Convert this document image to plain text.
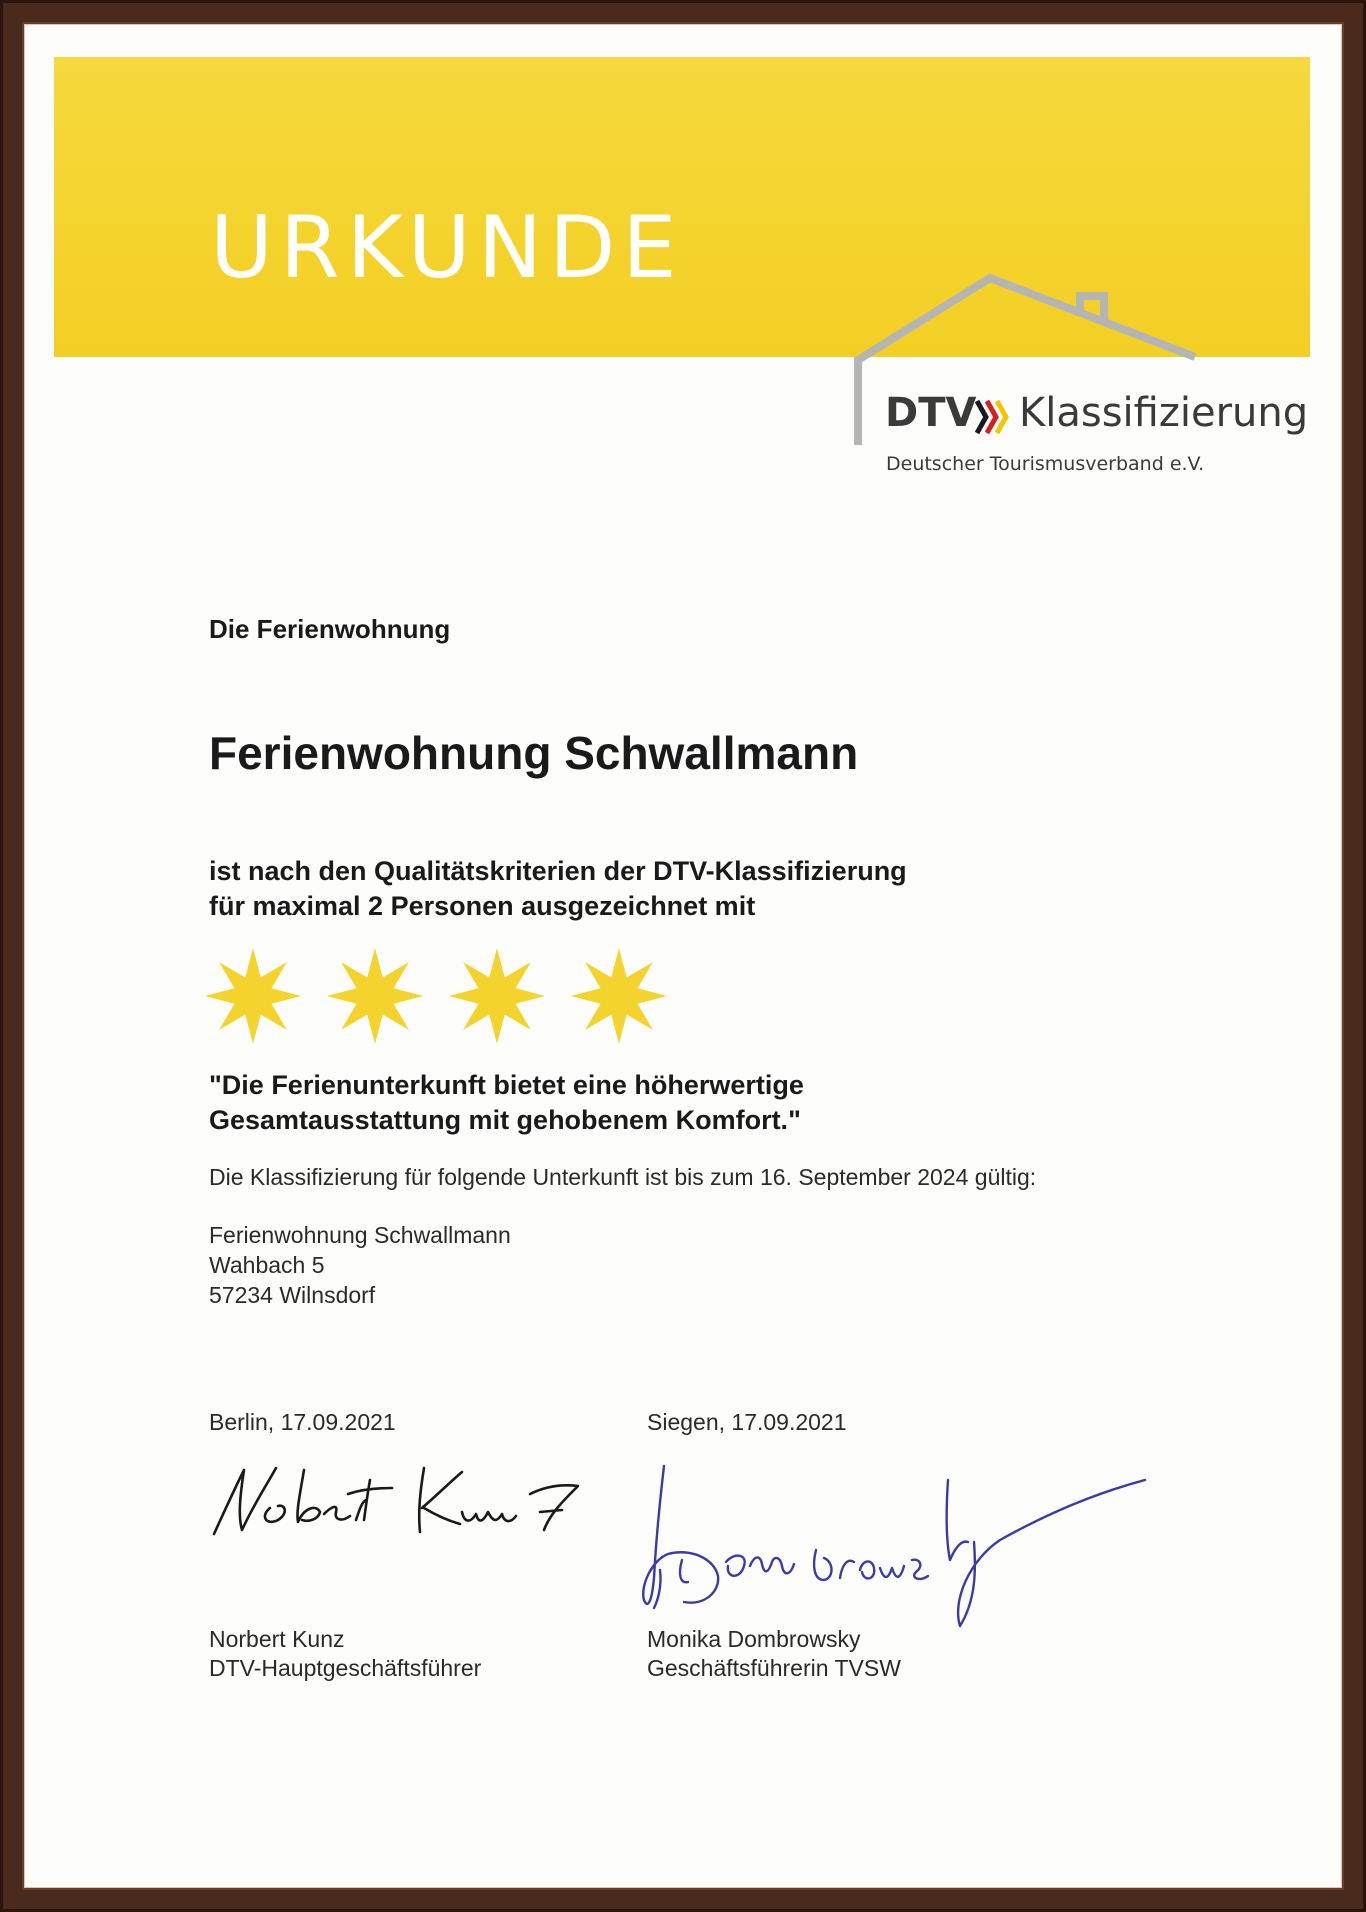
URKUNDE
DTV Klassifizierung
Deutscher Tourismusverband e.V.
Die Ferienwohnung
Ferienwohnung Schwallmann
ist nach den Qualitätskriterien der DTV-Klassifizierung
für maximal 2 Personen ausgezeichnet mit
"Die Ferienunterkunft bietet eine höherwertige
Gesamtausstattung mit gehobenem Komfort."
Die Klassifizierung für folgende Unterkunft ist bis zum 16. September 2024 gültig:
Ferienwohnung Schwallmann
Wahbach 5
57234 Wilnsdorf
Berlin, 17.09.2021	Siegen, 17.09.2021
Norbert Kunz
DTV-Hauptgeschäftsführer
Monika Dombrowsky
Geschäftsführerin TVSW
